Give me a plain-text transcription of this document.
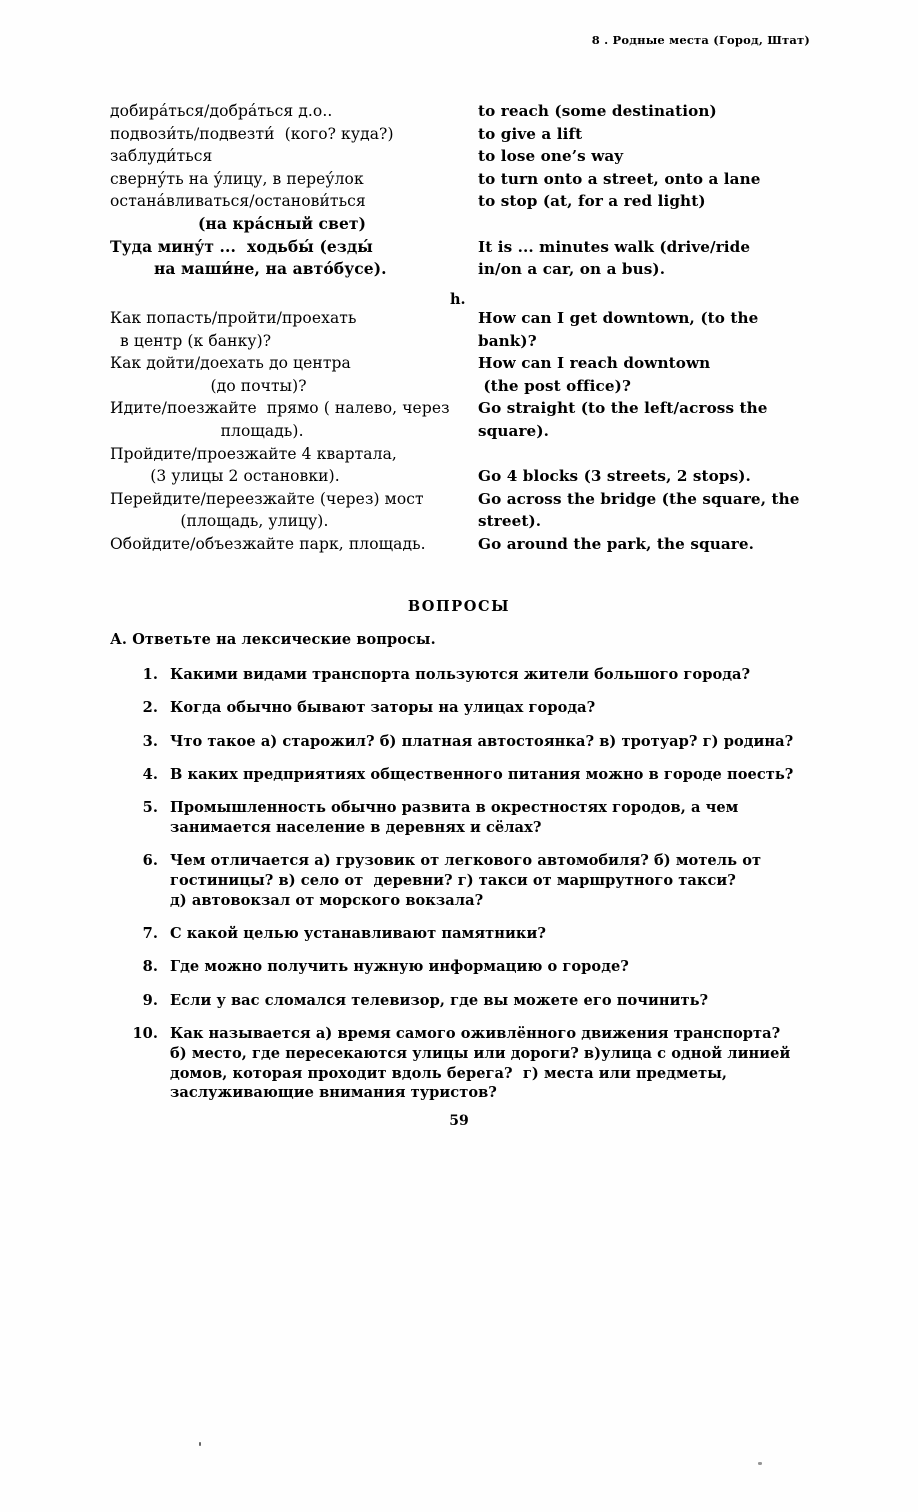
8 . Родные места (Город, Штат)
добира́ться/добра́ться д.о..
подвози́ть/подвезти́  (кого? куда?)
заблуди́ться
сверну́ть на у́лицу, в переу́лок
остана́вливаться/останови́ться
(на кра́сный свет)
Туда мину́т ...  ходьбы́ (езды́
на маши́не, на авто́бусе).
to reach (some destination)
to give a lift
to lose one’s way
to turn onto a street, onto a lane
to stop (at, for a red light)
It is ... minutes walk (drive/ride
in/on a car, on a bus).
h.
Как попасть/пройти/проехать
в центр (к банку)?
Как дойти/доехать до центра
(до почты)?
Идите/поезжайте  прямо ( налево, через
площадь).
Пройдите/проезжайте 4 квартала,
(3 улицы 2 остановки).
Перейдите/переезжайте (через) мост
(площадь, улицу).
Обойдите/объезжайте парк, площадь.
How can I get downtown, (to the
bank)?
How can I reach downtown
(the post office)?
Go straight (to the left/across the
square).
Go 4 blocks (3 streets, 2 stops).
Go across the bridge (the square, the
street).
Go around the park, the square.
ВОПРОСЫ
А. Ответьте на лексические вопросы.
1. Какими видами транспорта пользуются жители большого города?
2. Когда обычно бывают заторы на улицах города?
3. Что такое а) старожил? б) платная автостоянка? в) тротуар? г) родина?
4. В каких предприятиях общественного питания можно в городе поесть?
5. Промышленность обычно развита в окрестностях городов, а чем
занимается население в деревнях и сёлах?
6. Чем отличается а) грузовик от легкового автомобиля? б) мотель от
гостиницы? в) село от  деревни? г) такси от маршрутного такси?
д) автовокзал от морского вокзала?
7. С какой целью устанавливают памятники?
8. Где можно получить нужную информацию о городе?
9. Если у вас сломался телевизор, где вы можете его починить?
10. Как называется а) время самого оживлённого движения транспорта?
б) место, где пересекаются улицы или дороги? в)улица с одной линией
домов, которая проходит вдоль берега?  г) места или предметы,
заслуживающие внимания туристов?
59
